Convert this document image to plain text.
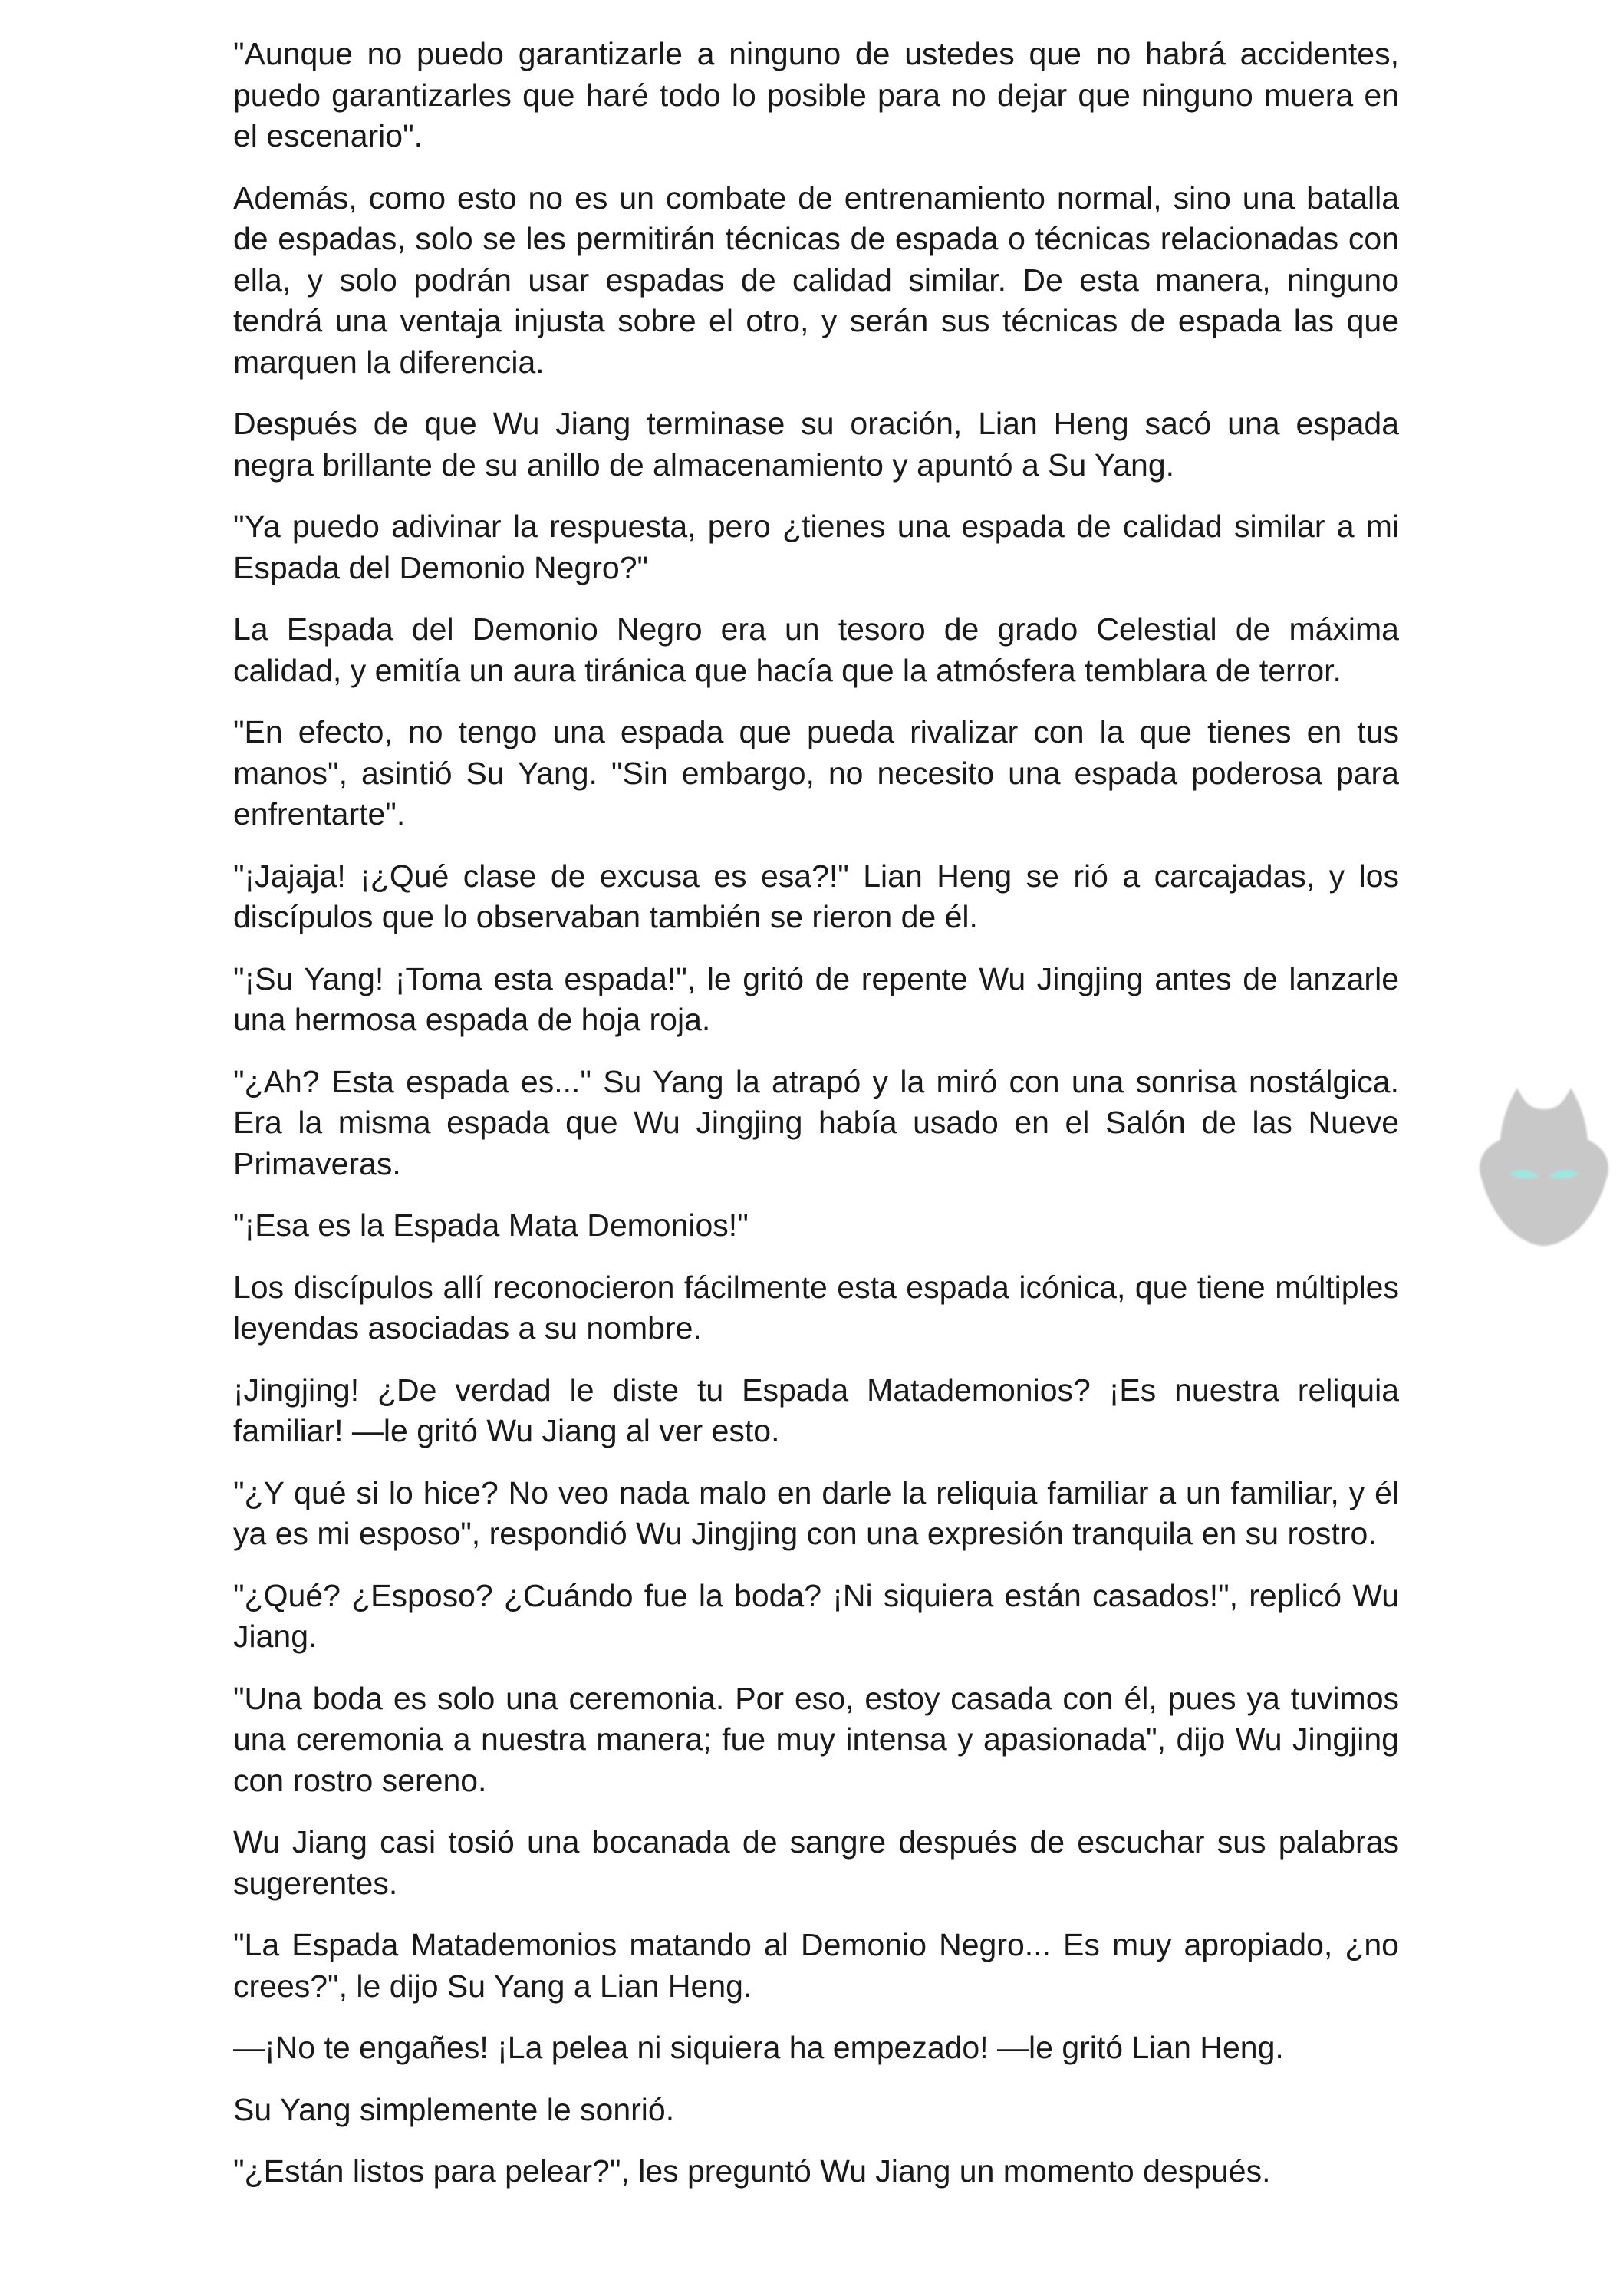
"Aunque no puedo garantizarle a ninguno de ustedes que no habrá accidentes, puedo garantizarles que haré todo lo posible para no dejar que ninguno muera en el escenario".

Además, como esto no es un combate de entrenamiento normal, sino una batalla de espadas, solo se les permitirán técnicas de espada o técnicas relacionadas con ella, y solo podrán usar espadas de calidad similar. De esta manera, ninguno tendrá una ventaja injusta sobre el otro, y serán sus técnicas de espada las que marquen la diferencia.

Después de que Wu Jiang terminase su oración, Lian Heng sacó una espada negra brillante de su anillo de almacenamiento y apuntó a Su Yang.

"Ya puedo adivinar la respuesta, pero ¿tienes una espada de calidad similar a mi Espada del Demonio Negro?"

La Espada del Demonio Negro era un tesoro de grado Celestial de máxima calidad, y emitía un aura tiránica que hacía que la atmósfera temblara de terror.

"En efecto, no tengo una espada que pueda rivalizar con la que tienes en tus manos", asintió Su Yang. "Sin embargo, no necesito una espada poderosa para enfrentarte".

"¡Jajaja! ¡¿Qué clase de excusa es esa?!" Lian Heng se rió a carcajadas, y los discípulos que lo observaban también se rieron de él.

"¡Su Yang! ¡Toma esta espada!", le gritó de repente Wu Jingjing antes de lanzarle una hermosa espada de hoja roja.

"¿Ah? Esta espada es..." Su Yang la atrapó y la miró con una sonrisa nostálgica. Era la misma espada que Wu Jingjing había usado en el Salón de las Nueve Primaveras.

"¡Esa es la Espada Mata Demonios!"

Los discípulos allí reconocieron fácilmente esta espada icónica, que tiene múltiples leyendas asociadas a su nombre.

¡Jingjing! ¿De verdad le diste tu Espada Matademonios? ¡Es nuestra reliquia familiar! —le gritó Wu Jiang al ver esto.

"¿Y qué si lo hice? No veo nada malo en darle la reliquia familiar a un familiar, y él ya es mi esposo", respondió Wu Jingjing con una expresión tranquila en su rostro.

"¿Qué? ¿Esposo? ¿Cuándo fue la boda? ¡Ni siquiera están casados!", replicó Wu Jiang.

"Una boda es solo una ceremonia. Por eso, estoy casada con él, pues ya tuvimos una ceremonia a nuestra manera; fue muy intensa y apasionada", dijo Wu Jingjing con rostro sereno.

Wu Jiang casi tosió una bocanada de sangre después de escuchar sus palabras sugerentes.

"La Espada Matademonios matando al Demonio Negro... Es muy apropiado, ¿no crees?", le dijo Su Yang a Lian Heng.

—¡No te engañes! ¡La pelea ni siquiera ha empezado! —le gritó Lian Heng.

Su Yang simplemente le sonrió.

"¿Están listos para pelear?", les preguntó Wu Jiang un momento después.
